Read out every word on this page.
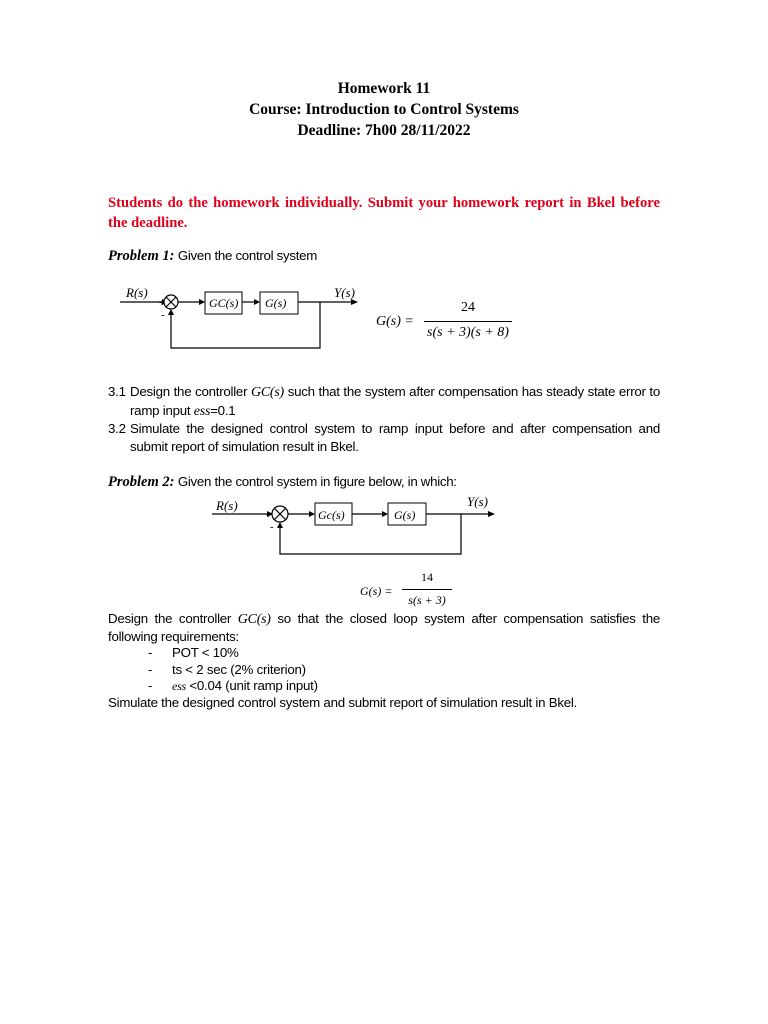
Homework 11
Course: Introduction to Control Systems
Deadline: 7h00 28/11/2022
Students do the homework individually. Submit your homework report in Bkel before the deadline.
Problem 1: Given the control system
R(s)
+
-
GC(s) G(s)
Y(s)
G(s) =
24
s(s + 3)(s + 8)
3.1 Design the controller GC(s) such that the system after compensation has steady state error to ramp input ess=0.1
3.2 Simulate the designed control system to ramp input before and after compensation and submit report of simulation result in Bkel.
Problem 2: Given the control system in figure below, in which:
R(s)
+
-
Gc(s)	G(s)
Y(s)
G(s) =
14
s(s + 3)
Design the controller GC(s) so that the closed loop system after compensation satisfies the following requirements:
- POT < 10%
- ts < 2 sec (2% criterion)
- ess <0.04 (unit ramp input)
Simulate the designed control system and submit report of simulation result in Bkel.
